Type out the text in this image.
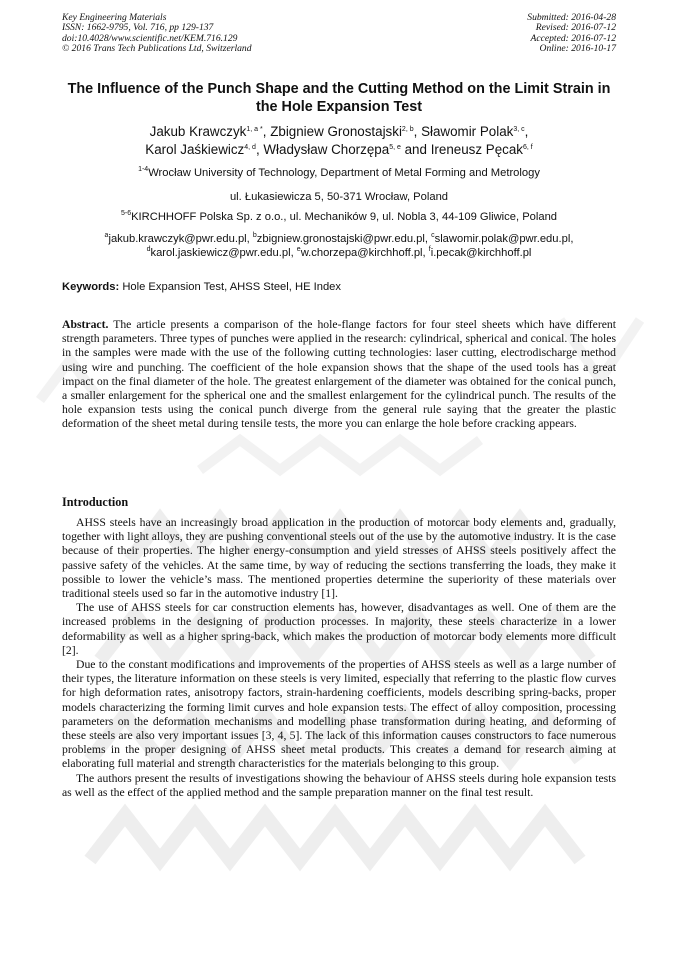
Key Engineering Materials
ISSN: 1662-9795, Vol. 716, pp 129-137
doi:10.4028/www.scientific.net/KEM.716.129
© 2016 Trans Tech Publications Ltd, Switzerland
Submitted: 2016-04-28
Revised: 2016-07-12
Accepted: 2016-07-12
Online: 2016-10-17
The Influence of the Punch Shape and the Cutting Method on the Limit Strain in the Hole Expansion Test
Jakub Krawczyk$^{1, a *}$, Zbigniew Gronostajski$^{2, b}$, Sławomir Polak$^{3, c}$,
Karol Jaśkiewicz$^{4, d}$, Władysław Chorzępa$^{5, e}$ and Ireneusz Pęcak$^{6, f}$
$^{1-4}$Wrocław University of Technology, Department of Metal Forming and Metrology
ul. Łukasiewicza 5, 50-371 Wrocław, Poland
$^{5-6}$KIRCHHOFF Polska Sp. z o.o., ul. Mechaników 9, ul. Nobla 3, 44-109 Gliwice, Poland
$^a$jakub.krawczyk@pwr.edu.pl, $^b$zbigniew.gronostajski@pwr.edu.pl, $^c$slawomir.polak@pwr.edu.pl,
$^d$karol.jaskiewicz@pwr.edu.pl, $^e$w.chorzepa@kirchhoff.pl, $^f$i.pecak@kirchhoff.pl
Keywords: Hole Expansion Test, AHSS Steel, HE Index
Abstract. The article presents a comparison of the hole-flange factors for four steel sheets which have different strength parameters. Three types of punches were applied in the research: cylindrical, spherical and conical. The holes in the samples were made with the use of the following cutting technologies: laser cutting, electrodischarge method using wire and punching. The coefficient of the hole expansion shows that the shape of the used tools has a great impact on the final diameter of the hole. The greatest enlargement of the diameter was obtained for the conical punch, a smaller enlargement for the spherical one and the smallest enlargement for the cylindrical punch. The results of the hole expansion tests using the conical punch diverge from the general rule saying that the greater the plastic deformation of the sheet metal during tensile tests, the more you can enlarge the hole before cracking appears.
Introduction

AHSS steels have an increasingly broad application in the production of motorcar body elements and, gradually, together with light alloys, they are pushing conventional steels out of the use by the automotive industry. It is the case because of their properties. The higher energy-consumption and yield stresses of AHSS steels positively affect the passive safety of the vehicles. At the same time, by way of reducing the sections transferring the loads, they make it possible to lower the vehicle’s mass. The mentioned properties determine the superiority of these materials over traditional steels used so far in the automotive industry [1].

The use of AHSS steels for car construction elements has, however, disadvantages as well. One of them are the increased problems in the designing of production processes. In majority, these steels characterize in a lower deformability as well as a higher spring-back, which makes the production of motorcar body elements more difficult [2].

Due to the constant modifications and improvements of the properties of AHSS steels as well as a large number of their types, the literature information on these steels is very limited, especially that referring to the plastic flow curves for high deformation rates, anisotropy factors, strain-hardening coefficients, models describing spring-backs, proper models characterizing the forming limit curves and hole expansion tests. The effect of alloy composition, processing parameters on the deformation mechanisms and modelling phase transformation during heating, and deforming of these steels are also very important issues [3, 4, 5]. The lack of this information causes constructors to face numerous problems in the proper designing of AHSS sheet metal products. This creates a demand for research aiming at elaborating full material and strength characteristics for the materials belonging to this group.

The authors present the results of investigations showing the behaviour of AHSS steels during hole expansion tests as well as the effect of the applied method and the sample preparation manner on the final test result.
